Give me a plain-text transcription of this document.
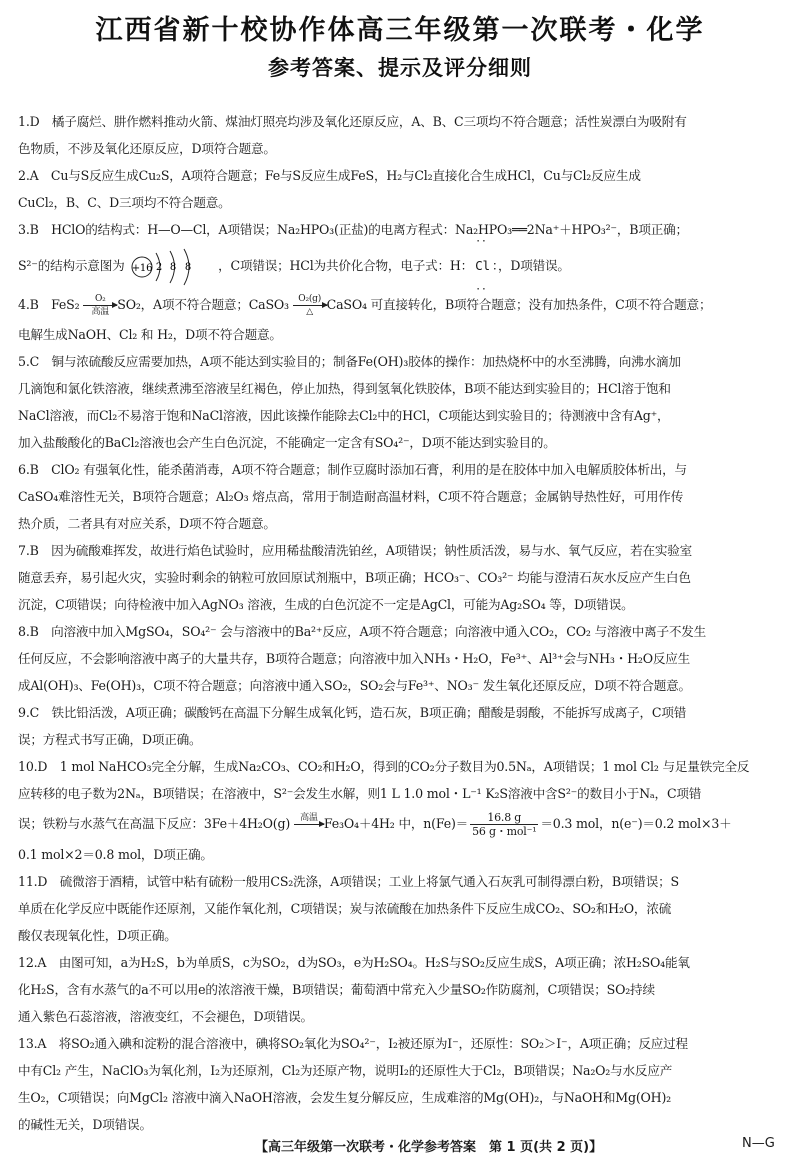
江西省新十校协作体高三年级第一次联考・化学
参考答案、提示及评分细则
1.D　橘子腐烂、肼作燃料推动火箭、煤油灯照亮均涉及氧化还原反应，A、B、C三项均不符合题意；活性炭漂白为吸附有
色物质，不涉及氧化还原反应，D项符合题意。
2.A　Cu与S反应生成Cu₂S，A项符合题意；Fe与S反应生成FeS，H₂与Cl₂直接化合生成HCl，Cu与Cl₂反应生成
CuCl₂，B、C、D三项均不符合题意。
3.B　HClO的结构式：H—O—Cl，A项错误；Na₂HPO₃(正盐)的电离方程式：Na₂HPO₃══2Na⁺＋HPO₃²⁻，B项正确；
S²⁻的结构示意图为 +16 2 8 8 ，C项错误；HCl为共价化合物，电子式：H：
··
Cl
··
：，D项错误。
4.B　FeS₂ O₂
高温 SO₂，A项不符合题意；CaSO₃ O₂(g)
△ CaSO₄ 可直接转化，B项符合题意；没有加热条件，C项不符合题意；
电解生成NaOH、Cl₂ 和 H₂，D项不符合题意。
5.C　铜与浓硫酸反应需要加热，A项不能达到实验目的；制备Fe(OH)₃胶体的操作：加热烧杯中的水至沸腾，向沸水滴加
几滴饱和氯化铁溶液，继续煮沸至溶液呈红褐色，停止加热，得到氢氧化铁胶体，B项不能达到实验目的；HCl溶于饱和
NaCl溶液，而Cl₂不易溶于饱和NaCl溶液，因此该操作能除去Cl₂中的HCl，C项能达到实验目的；待测液中含有Ag⁺，
加入盐酸酸化的BaCl₂溶液也会产生白色沉淀，不能确定一定含有SO₄²⁻，D项不能达到实验目的。
6.B　ClO₂ 有强氧化性，能杀菌消毒，A项不符合题意；制作豆腐时添加石膏，利用的是在胶体中加入电解质胶体析出，与
CaSO₄难溶性无关，B项符合题意；Al₂O₃ 熔点高，常用于制造耐高温材料，C项不符合题意；金属钠导热性好，可用作传
热介质，二者具有对应关系，D项不符合题意。
7.B　因为硫酸难挥发，故进行焰色试验时，应用稀盐酸清洗铂丝，A项错误；钠性质活泼，易与水、氧气反应，若在实验室
随意丢弃，易引起火灾，实验时剩余的钠粒可放回原试剂瓶中，B项正确；HCO₃⁻、CO₃²⁻ 均能与澄清石灰水反应产生白色
沉淀，C项错误；向待检液中加入AgNO₃ 溶液，生成的白色沉淀不一定是AgCl，可能为Ag₂SO₄ 等，D项错误。
8.B　向溶液中加入MgSO₄，SO₄²⁻ 会与溶液中的Ba²⁺反应，A项不符合题意；向溶液中通入CO₂，CO₂ 与溶液中离子不发生
任何反应，不会影响溶液中离子的大量共存，B项符合题意；向溶液中加入NH₃・H₂O，Fe³⁺、Al³⁺会与NH₃・H₂O反应生
成Al(OH)₃、Fe(OH)₃，C项不符合题意；向溶液中通入SO₂，SO₂会与Fe³⁺、NO₃⁻ 发生氧化还原反应，D项不符合题意。
9.C　铁比铅活泼，A项正确；碳酸钙在高温下分解生成氧化钙，造石灰，B项正确；醋酸是弱酸，不能拆写成离子，C项错
误；方程式书写正确，D项正确。
10.D　1 mol NaHCO₃完全分解，生成Na₂CO₃、CO₂和H₂O，得到的CO₂分子数目为0.5Nₐ，A项错误；1 mol Cl₂ 与足量铁完全反
应转移的电子数为2Nₐ，B项错误；在溶液中，S²⁻会发生水解，则1 L 1.0 mol・L⁻¹ K₂S溶液中含S²⁻的数目小于Nₐ，C项错
误；铁粉与水蒸气在高温下反应：3Fe＋4H₂O(g) 高温 Fe₃O₄＋4H₂ 中，$n(Fe)= \frac{16.8 g}{\text{56 g・mol⁻¹}} =0.3$ mol，n(e⁻)＝0.2 mol×3＋
0.1 mol×2＝0.8 mol，D项正确。
11.D　硫微溶于酒精，试管中粘有硫粉一般用CS₂洗涤，A项错误；工业上将氯气通入石灰乳可制得漂白粉，B项错误；S
单质在化学反应中既能作还原剂，又能作氧化剂，C项错误；炭与浓硫酸在加热条件下反应生成CO₂、SO₂和H₂O，浓硫
酸仅表现氧化性，D项正确。
12.A　由图可知，a为H₂S，b为单质S，c为SO₂，d为SO₃，e为H₂SO₄。H₂S与SO₂反应生成S，A项正确；浓H₂SO₄能氧
化H₂S，含有水蒸气的a不可以用e的浓溶液干燥，B项错误；葡萄酒中常充入少量SO₂作防腐剂，C项错误；SO₂持续
通入紫色石蕊溶液，溶液变红，不会褪色，D项错误。
13.A　将SO₂通入碘和淀粉的混合溶液中，碘将SO₂氧化为SO₄²⁻，I₂被还原为I⁻，还原性：SO₂＞I⁻，A项正确；反应过程
中有Cl₂ 产生，NaClO₃为氧化剂，I₂为还原剂，Cl₂为还原产物，说明I₂的还原性大于Cl₂，B项错误；Na₂O₂与水反应产
生O₂，C项错误；向MgCl₂ 溶液中滴入NaOH溶液，会发生复分解反应，生成难溶的Mg(OH)₂，与NaOH和Mg(OH)₂
的碱性无关，D项错误。
【高三年级第一次联考・化学参考答案　第 1 页(共 2 页)】	N—G
